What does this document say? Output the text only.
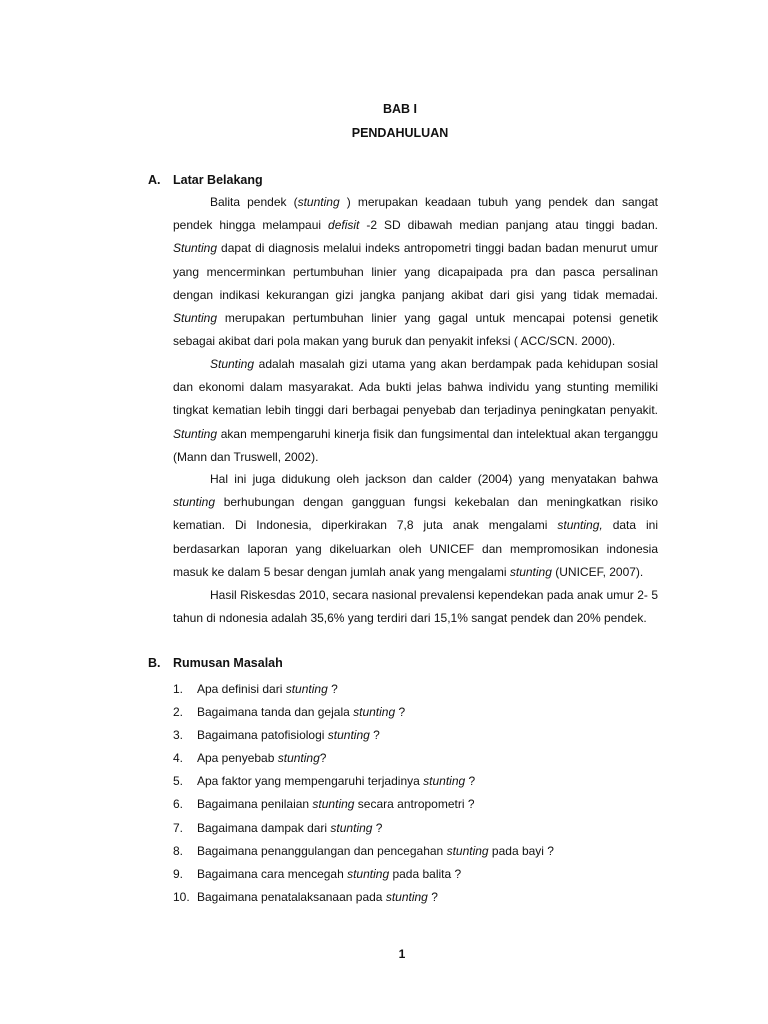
BAB I
PENDAHULUAN
A. Latar Belakang

Balita pendek (stunting ) merupakan keadaan tubuh yang pendek dan sangat pendek hingga melampaui defisit -2 SD dibawah median panjang atau tinggi badan. Stunting dapat di diagnosis melalui indeks antropometri tinggi badan badan menurut umur yang mencerminkan pertumbuhan linier yang dicapaipada pra dan pasca persalinan dengan indikasi kekurangan gizi jangka panjang akibat dari gisi yang tidak memadai. Stunting merupakan pertumbuhan linier yang gagal untuk mencapai potensi genetik sebagai akibat dari pola makan yang buruk dan penyakit infeksi ( ACC/SCN. 2000).

Stunting adalah masalah gizi utama yang akan berdampak pada kehidupan sosial dan ekonomi dalam masyarakat. Ada bukti jelas bahwa individu yang stunting memiliki tingkat kematian lebih tinggi dari berbagai penyebab dan terjadinya peningkatan penyakit. Stunting akan mempengaruhi kinerja fisik dan fungsimental dan intelektual akan terganggu (Mann dan Truswell, 2002).

Hal ini juga didukung oleh jackson dan calder (2004) yang menyatakan bahwa stunting berhubungan dengan gangguan fungsi kekebalan dan meningkatkan risiko kematian. Di Indonesia, diperkirakan 7,8 juta anak mengalami stunting, data ini berdasarkan laporan yang dikeluarkan oleh UNICEF dan mempromosikan indonesia masuk ke dalam 5 besar dengan jumlah anak yang mengalami stunting (UNICEF, 2007).

Hasil Riskesdas 2010, secara nasional prevalensi kependekan pada anak umur 2- 5 tahun di ndonesia adalah 35,6% yang terdiri dari 15,1% sangat pendek dan 20% pendek.

B. Rumusan Masalah
1. Apa definisi dari stunting ?
2. Bagaimana tanda dan gejala stunting ?
3. Bagaimana patofisiologi stunting ?
4. Apa penyebab stunting?
5. Apa faktor yang mempengaruhi terjadinya stunting ?
6. Bagaimana penilaian stunting secara antropometri ?
7. Bagaimana dampak dari stunting ?
8. Bagaimana penanggulangan dan pencegahan stunting pada bayi ?
9. Bagaimana cara mencegah stunting pada balita ?
10. Bagaimana penatalaksanaan pada stunting ?
1
